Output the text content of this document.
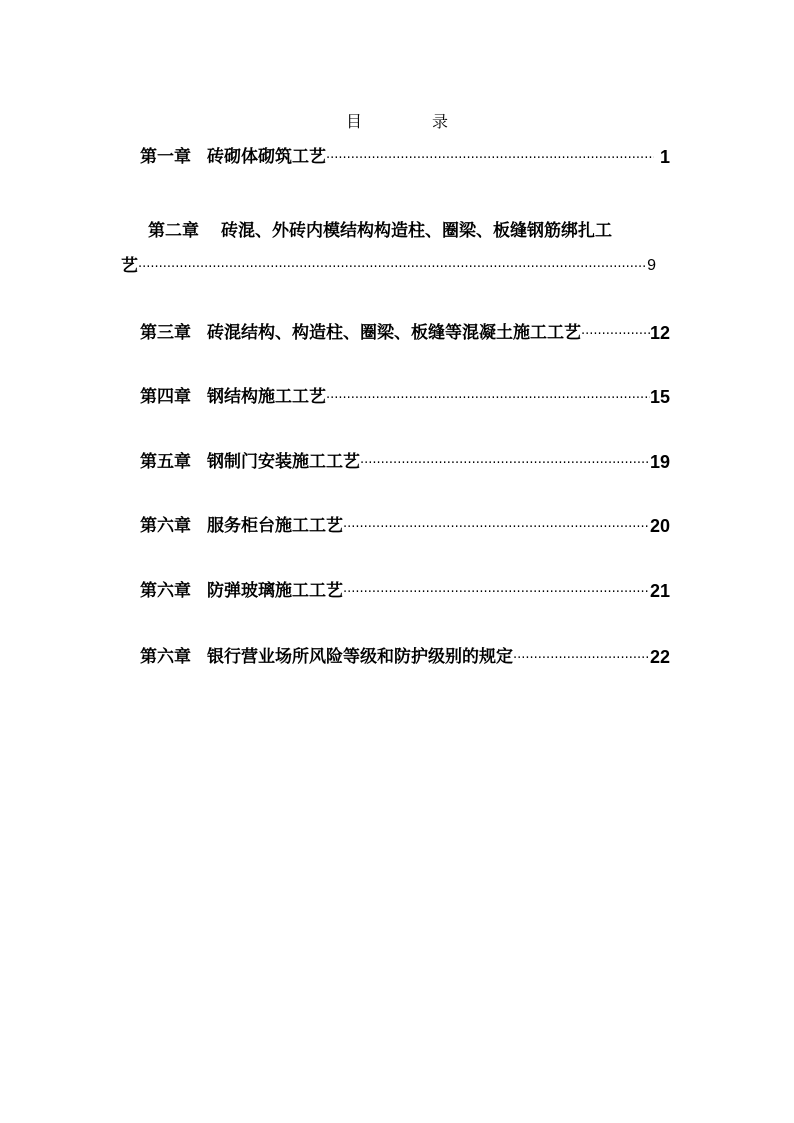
目	录
第一章 砖砌体砌筑工艺 ·····	1
第二章 砖混、外砖内模结构构造柱、圈梁、板缝钢筋绑扎工
艺 ·····	9
第三章 砖混结构、构造柱、圈梁、板缝等混凝土施工工艺 ·····	12
第四章 钢结构施工工艺 ·····	15
第五章 钢制门安装施工工艺 ·····	19
第六章 服务柜台施工工艺 ·····	20
第六章 防弹玻璃施工工艺 ·····	21
第六章 银行营业场所风险等级和防护级别的规定 ·····	22
